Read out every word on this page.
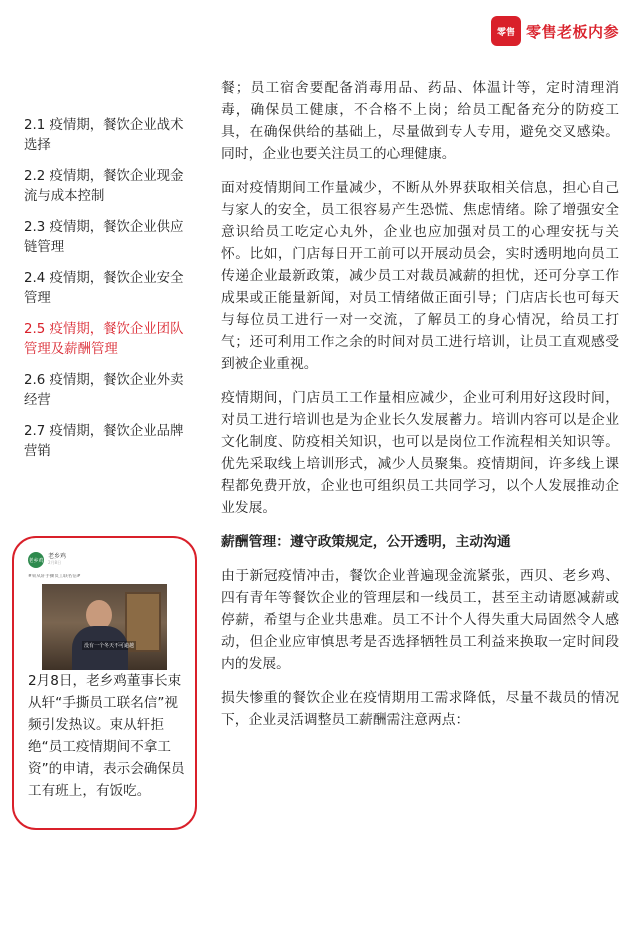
零售 零售老板内参
2.1 疫情期，餐饮企业战术选择
2.2 疫情期，餐饮企业现金流与成本控制
2.3 疫情期，餐饮企业供应链管理
2.4 疫情期，餐饮企业安全管理
2.5 疫情期，餐饮企业团队管理及薪酬管理
2.6 疫情期，餐饮企业外卖经营
2.7 疫情期，餐饮企业品牌营销
老乡鸡
老乡鸡
2月8日
#束从轩手撕员工联名信#
没有一个冬天不可逾越
2月8日，老乡鸡董事长束从轩“手撕员工联名信”视频引发热议。束从轩拒绝“员工疫情期间不拿工资”的申请，表示会确保员工有班上，有饭吃。

餐；员工宿舍要配备消毒用品、药品、体温计等，定时清理消毒，确保员工健康，不合格不上岗；给员工配备充分的防疫工具，在确保供给的基础上，尽量做到专人专用，避免交叉感染。同时，企业也要关注员工的心理健康。

面对疫情期间工作量减少，不断从外界获取相关信息，担心自己与家人的安全，员工很容易产生恐慌、焦虑情绪。除了增强安全意识给员工吃定心丸外，企业也应加强对员工的心理安抚与关怀。比如，门店每日开工前可以开展动员会，实时透明地向员工传递企业最新政策，减少员工对裁员减薪的担忧，还可分享工作成果或正能量新闻，对员工情绪做正面引导；门店店长也可每天与每位员工进行一对一交流，了解员工的身心情况，给员工打气；还可利用工作之余的时间对员工进行培训，让员工直观感受到被企业重视。

疫情期间，门店员工工作量相应减少，企业可利用好这段时间，对员工进行培训也是为企业长久发展蓄力。培训内容可以是企业文化制度、防疫相关知识，也可以是岗位工作流程相关知识等。优先采取线上培训形式，减少人员聚集。疫情期间，许多线上课程都免费开放，企业也可组织员工共同学习，以个人发展推动企业发展。

薪酬管理：遵守政策规定，公开透明，主动沟通

由于新冠疫情冲击，餐饮企业普遍现金流紧张，西贝、老乡鸡、四有青年等餐饮企业的管理层和一线员工，甚至主动请愿减薪或停薪，希望与企业共患难。员工不计个人得失重大局固然令人感动，但企业应审慎思考是否选择牺牲员工利益来换取一定时间段内的发展。

损失惨重的餐饮企业在疫情期用工需求降低，尽量不裁员的情况下，企业灵活调整员工薪酬需注意两点：
